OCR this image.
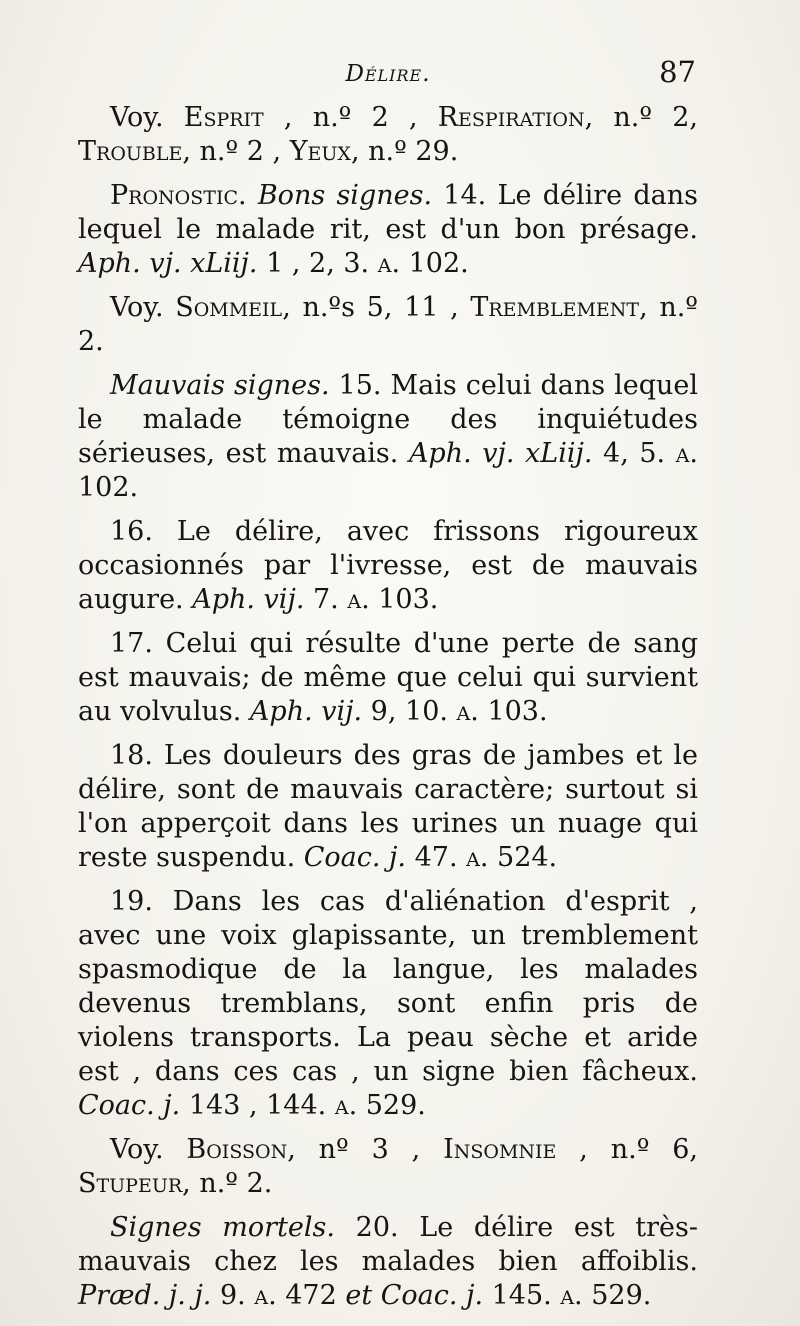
Délire.	87

Voy. Esprit , n.º 2 , Respiration, n.º 2, Trouble, n.º 2 , Yeux, n.º 29.

Pronostic. Bons signes. 14. Le délire dans lequel le malade rit, est d'un bon présage. Aph. vj. xLiij. 1 , 2, 3. a. 102.

Voy. Sommeil, n.ºs 5, 11 , Tremblement, n.º 2.

Mauvais signes. 15. Mais celui dans lequel le malade témoigne des inquiétudes sérieuses, est mauvais. Aph. vj. xLiij. 4, 5. a. 102.

16. Le délire, avec frissons rigoureux occasionnés par l'ivresse, est de mauvais augure. Aph. vij. 7. a. 103.

17. Celui qui résulte d'une perte de sang est mauvais; de même que celui qui survient au volvulus. Aph. vij. 9, 10. a. 103.

18. Les douleurs des gras de jambes et le délire, sont de mauvais caractère; surtout si l'on apperçoit dans les urines un nuage qui reste suspendu. Coac. j. 47. a. 524.

19. Dans les cas d'aliénation d'esprit , avec une voix glapissante, un tremblement spasmodique de la langue, les malades devenus tremblans, sont enfin pris de violens transports. La peau sèche et aride est , dans ces cas , un signe bien fâcheux. Coac. j. 143 , 144. a. 529.

Voy. Boisson, nº 3 , Insomnie , n.º 6, Stupeur, n.º 2.

Signes mortels. 20. Le délire est très-mauvais chez les malades bien affoiblis. Præd. j. j. 9. a. 472 et Coac. j. 145. a. 529.
